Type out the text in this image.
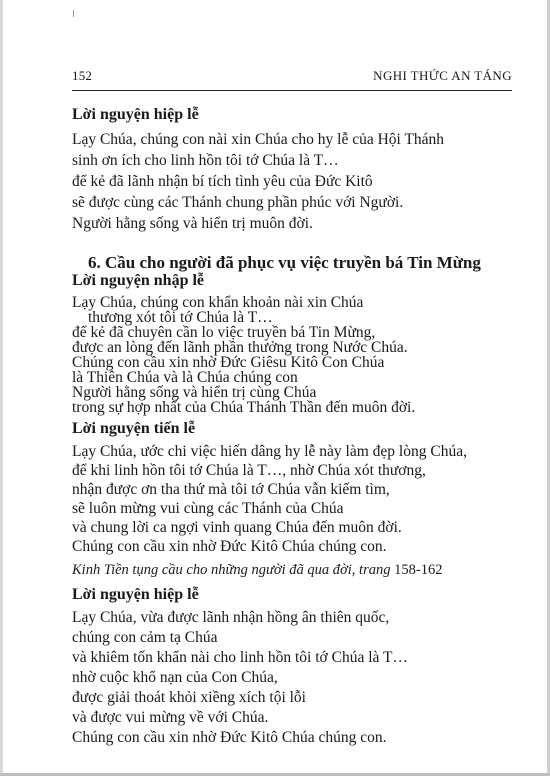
152	NGHI THỨC AN TÁNG
Lời nguyện hiệp lễ
Lạy Chúa, chúng con nài xin Chúa cho hy lễ của Hội Thánh
sinh ơn ích cho linh hồn tôi tớ Chúa là T…
để kẻ đã lãnh nhận bí tích tình yêu của Đức Kitô
sẽ được cùng các Thánh chung phần phúc với Người.
Người hằng sống và hiển trị muôn đời.
6. Cầu cho người đã phục vụ việc truyền bá Tin Mừng
Lời nguyện nhập lễ
Lạy Chúa, chúng con khẩn khoản nài xin Chúa
thương xót tôi tớ Chúa là T…
để kẻ đã chuyên cần lo việc truyền bá Tin Mừng,
được an lòng đến lãnh phần thưởng trong Nước Chúa.
Chúng con cầu xin nhờ Đức Giêsu Kitô Con Chúa
là Thiên Chúa và là Chúa chúng con
Người hằng sống và hiển trị cùng Chúa
trong sự hợp nhất của Chúa Thánh Thần đến muôn đời.
Lời nguyện tiến lễ
Lạy Chúa, ước chi việc hiến dâng hy lễ này làm đẹp lòng Chúa,
để khi linh hồn tôi tớ Chúa là T…, nhờ Chúa xót thương,
nhận được ơn tha thứ mà tôi tớ Chúa vẫn kiếm tìm,
sẽ luôn mừng vui cùng các Thánh của Chúa
và chung lời ca ngợi vinh quang Chúa đến muôn đời.
Chúng con cầu xin nhờ Đức Kitô Chúa chúng con.
Kinh Tiền tụng cầu cho những người đã qua đời, trang 158-162
Lời nguyện hiệp lễ
Lạy Chúa, vừa được lãnh nhận hồng ân thiên quốc,
chúng con cảm tạ Chúa
và khiêm tốn khẩn nài cho linh hồn tôi tớ Chúa là T…
nhờ cuộc khổ nạn của Con Chúa,
được giải thoát khỏi xiềng xích tội lỗi
và được vui mừng về với Chúa.
Chúng con cầu xin nhờ Đức Kitô Chúa chúng con.
